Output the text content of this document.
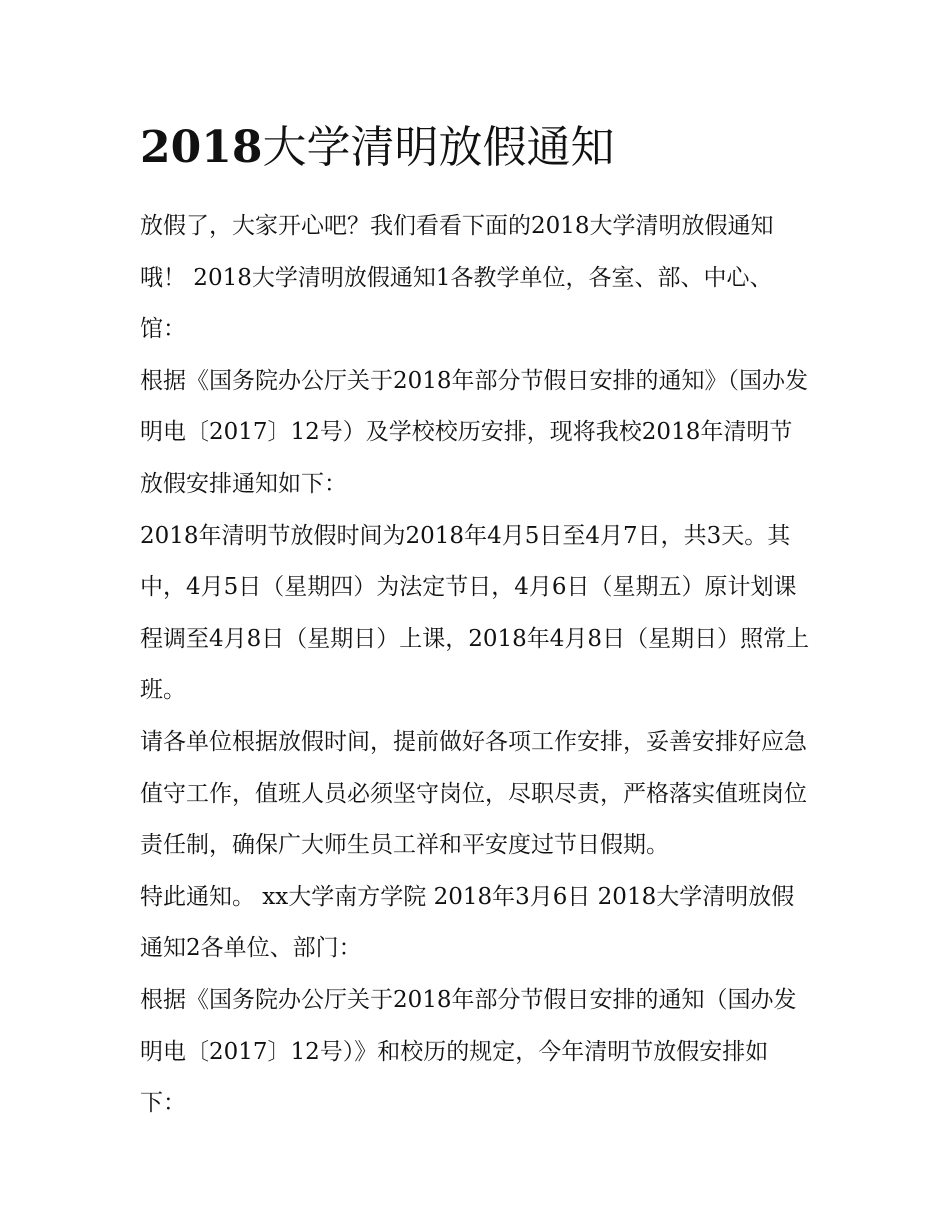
2018大学清明放假通知

放假了，大家开心吧？我们看看下面的2018大学清明放假通知哦！ 2018大学清明放假通知1各教学单位，各室、部、中心、馆：

根据《国务院办公厅关于2018年部分节假日安排的通知》（国办发明电〔2017〕12号）及学校校历安排，现将我校2018年清明节放假安排通知如下：

2018年清明节放假时间为2018年4月5日至4月7日，共3天。其中，4月5日（星期四）为法定节日，4月6日（星期五）原计划课程调至4月8日（星期日）上课，2018年4月8日（星期日）照常上班。

请各单位根据放假时间，提前做好各项工作安排，妥善安排好应急值守工作，值班人员必须坚守岗位，尽职尽责，严格落实值班岗位责任制，确保广大师生员工祥和平安度过节日假期。

特此通知。 xx大学南方学院 2018年3月6日 2018大学清明放假通知2各单位、部门：

根据《国务院办公厅关于2018年部分节假日安排的通知（国办发明电〔2017〕12号）》和校历的规定，今年清明节放假安排如下：
